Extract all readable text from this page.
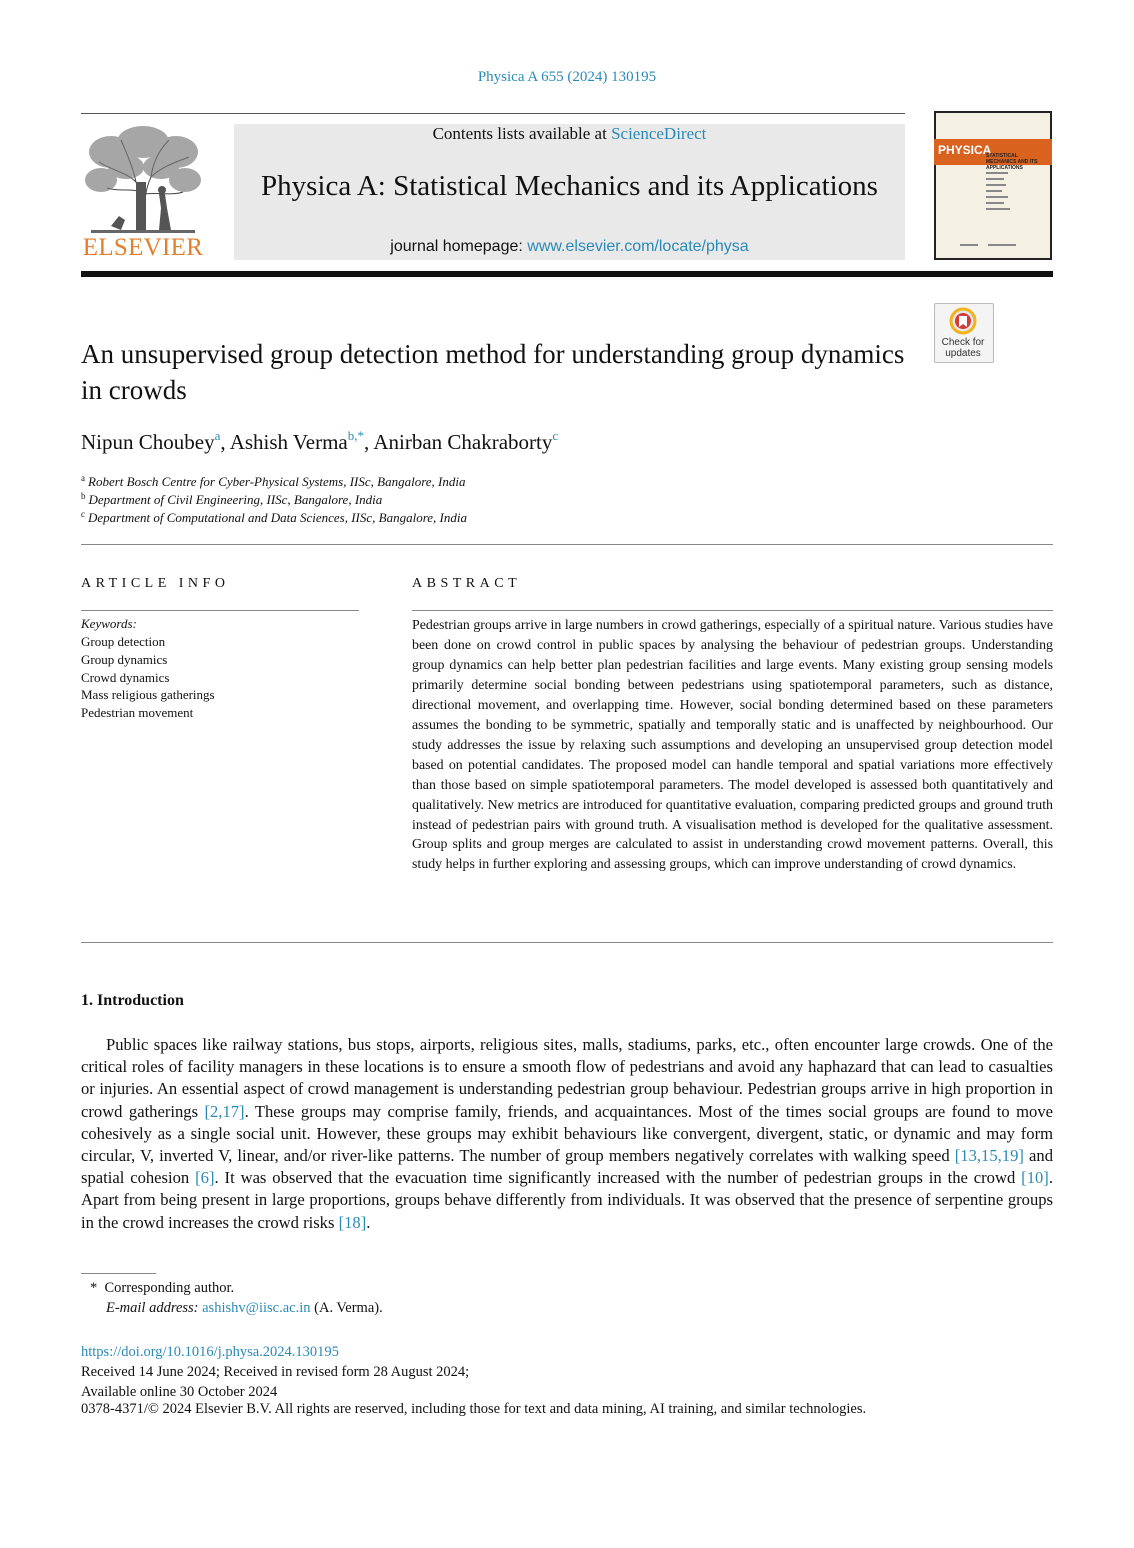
Physica A 655 (2024) 130195
ELSEVIER
Contents lists available at ScienceDirect
Physica A: Statistical Mechanics and its Applications
journal homepage: www.elsevier.com/locate/physa
PHYSICA
STATISTICAL MECHANICS AND ITS APPLICATIONS
Check for updates
An unsupervised group detection method for understanding group dynamics in crowds
Nipun Choubey$^a$, Ashish Verma$^{b,*}$, Anirban Chakraborty$^c$
$^a$ Robert Bosch Centre for Cyber-Physical Systems, IISc, Bangalore, India
$^b$ Department of Civil Engineering, IISc, Bangalore, India
$^c$ Department of Computational and Data Sciences, IISc, Bangalore, India
ARTICLE INFO
Keywords:
Group detection
Group dynamics
Crowd dynamics
Mass religious gatherings
Pedestrian movement
ABSTRACT
Pedestrian groups arrive in large numbers in crowd gatherings, especially of a spiritual nature. Various studies have been done on crowd control in public spaces by analysing the behaviour of pedestrian groups. Understanding group dynamics can help better plan pedestrian facilities and large events. Many existing group sensing models primarily determine social bonding between pedestrians using spatiotemporal parameters, such as distance, directional movement, and overlapping time. However, social bonding determined based on these parameters assumes the bonding to be symmetric, spatially and temporally static and is unaffected by neighbourhood. Our study addresses the issue by relaxing such assumptions and developing an unsupervised group detection model based on potential candidates. The proposed model can handle temporal and spatial variations more effectively than those based on simple spatiotemporal parameters. The model developed is assessed both quantitatively and qualitatively. New metrics are introduced for quantitative evaluation, comparing predicted groups and ground truth instead of pedestrian pairs with ground truth. A visualisation method is developed for the qualitative assessment. Group splits and group merges are calculated to assist in understanding crowd movement patterns. Overall, this study helps in further exploring and assessing groups, which can improve understanding of crowd dynamics.
1. Introduction
Public spaces like railway stations, bus stops, airports, religious sites, malls, stadiums, parks, etc., often encounter large crowds. One of the critical roles of facility managers in these locations is to ensure a smooth flow of pedestrians and avoid any haphazard that can lead to casualties or injuries. An essential aspect of crowd management is understanding pedestrian group behaviour. Pedestrian groups arrive in high proportion in crowd gatherings [2,17]. These groups may comprise family, friends, and acquaintances. Most of the times social groups are found to move cohesively as a single social unit. However, these groups may exhibit behaviours like convergent, divergent, static, or dynamic and may form circular, V, inverted V, linear, and/or river-like patterns. The number of group members negatively correlates with walking speed [13,15,19] and spatial cohesion [6]. It was observed that the evacuation time significantly increased with the number of pedestrian groups in the crowd [10]. Apart from being present in large proportions, groups behave differently from individuals. It was observed that the presence of serpentine groups in the crowd increases the crowd risks [18].
* Corresponding author.
E-mail address: ashishv@iisc.ac.in (A. Verma).
https://doi.org/10.1016/j.physa.2024.130195
Received 14 June 2024; Received in revised form 28 August 2024;
Available online 30 October 2024
0378-4371/© 2024 Elsevier B.V. All rights are reserved, including those for text and data mining, AI training, and similar technologies.
